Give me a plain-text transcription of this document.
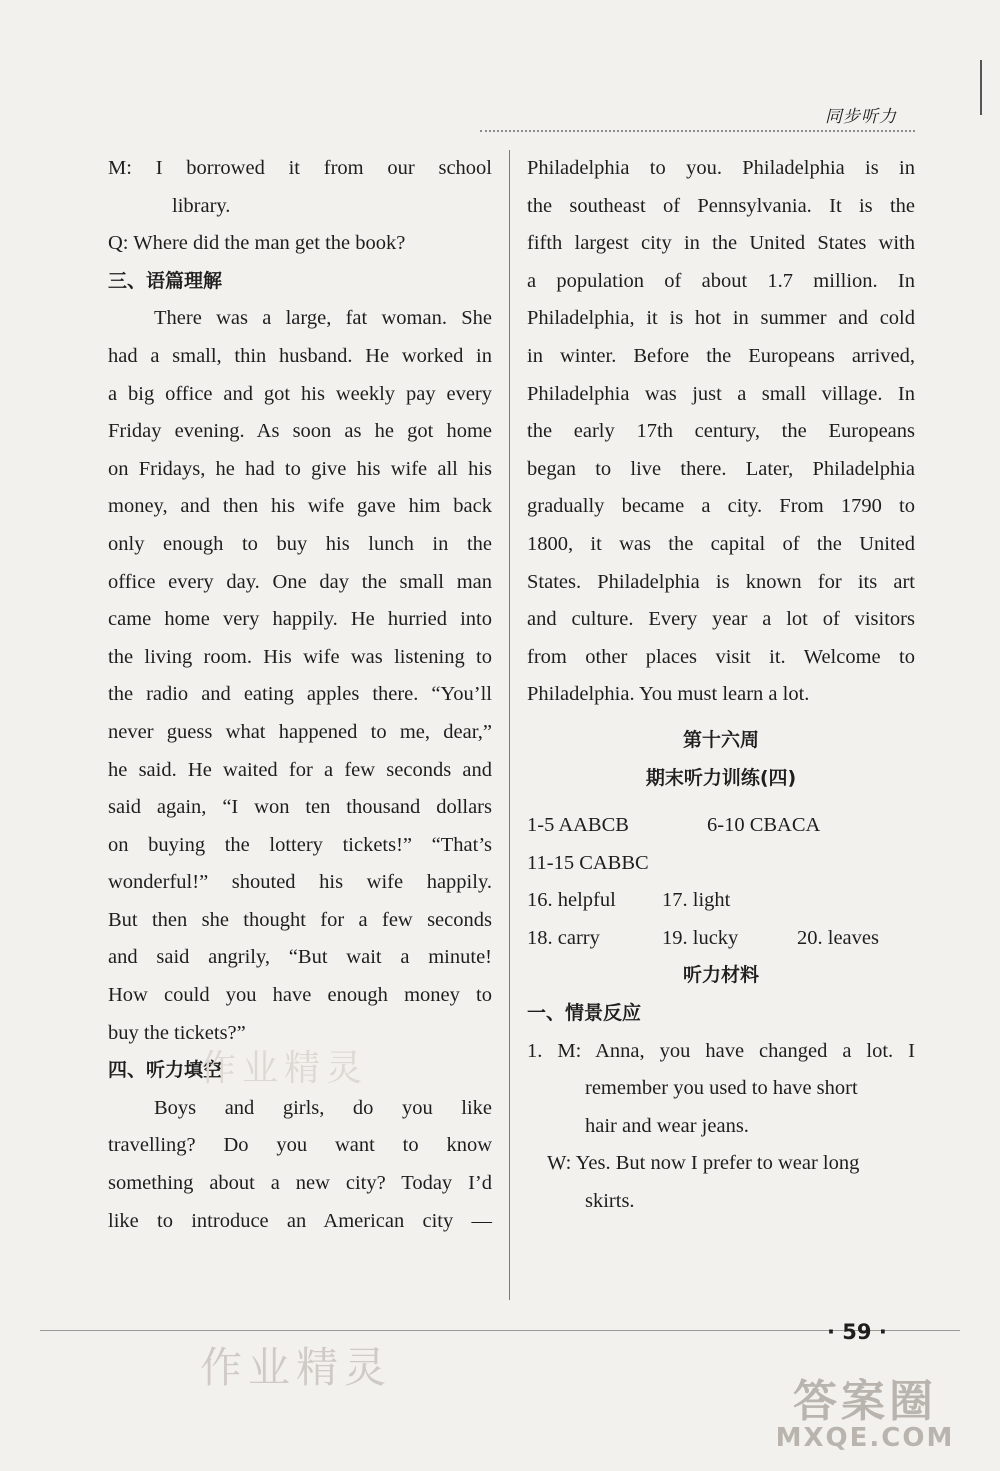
同步听力
M: I borrowed it from our school
library.
Q: Where did the man get the book?
三、语篇理解
There was a large, fat woman. She
had a small, thin husband. He worked in
a big office and got his weekly pay every
Friday evening. As soon as he got home
on Fridays, he had to give his wife all his
money, and then his wife gave him back
only enough to buy his lunch in the
office every day. One day the small man
came home very happily. He hurried into
the living room. His wife was listening to
the radio and eating apples there. “You’ll
never guess what happened to me, dear,”
he said. He waited for a few seconds and
said again, “I won ten thousand dollars
on buying the lottery tickets!” “That’s
wonderful!” shouted his wife happily.
But then she thought for a few seconds
and said angrily, “But wait a minute!
How could you have enough money to
buy the tickets?”
四、听力填空
Boys and girls, do you like
travelling? Do you want to know
something about a new city? Today I’d
like to introduce an American city —
Philadelphia to you. Philadelphia is in
the southeast of Pennsylvania. It is the
fifth largest city in the United States with
a population of about 1.7 million. In
Philadelphia, it is hot in summer and cold
in winter. Before the Europeans arrived,
Philadelphia was just a small village. In
the early 17th century, the Europeans
began to live there. Later, Philadelphia
gradually became a city. From 1790 to
1800, it was the capital of the United
States. Philadelphia is known for its art
and culture. Every year a lot of visitors
from other places visit it. Welcome to
Philadelphia. You must learn a lot.
第十六周
期末听力训练(四)
1-5 AABCB	6-10 CBACA
11-15 CABBC
16. helpful 17. light
18. carry	19. lucky	20. leaves
听力材料
一、情景反应
1. M: Anna, you have changed a lot. I
remember you used to have short
hair and wear jeans.
W: Yes. But now I prefer to wear long
skirts.
作业精灵
· 59 ·
作业精灵
答案圈
MXQE.COM
